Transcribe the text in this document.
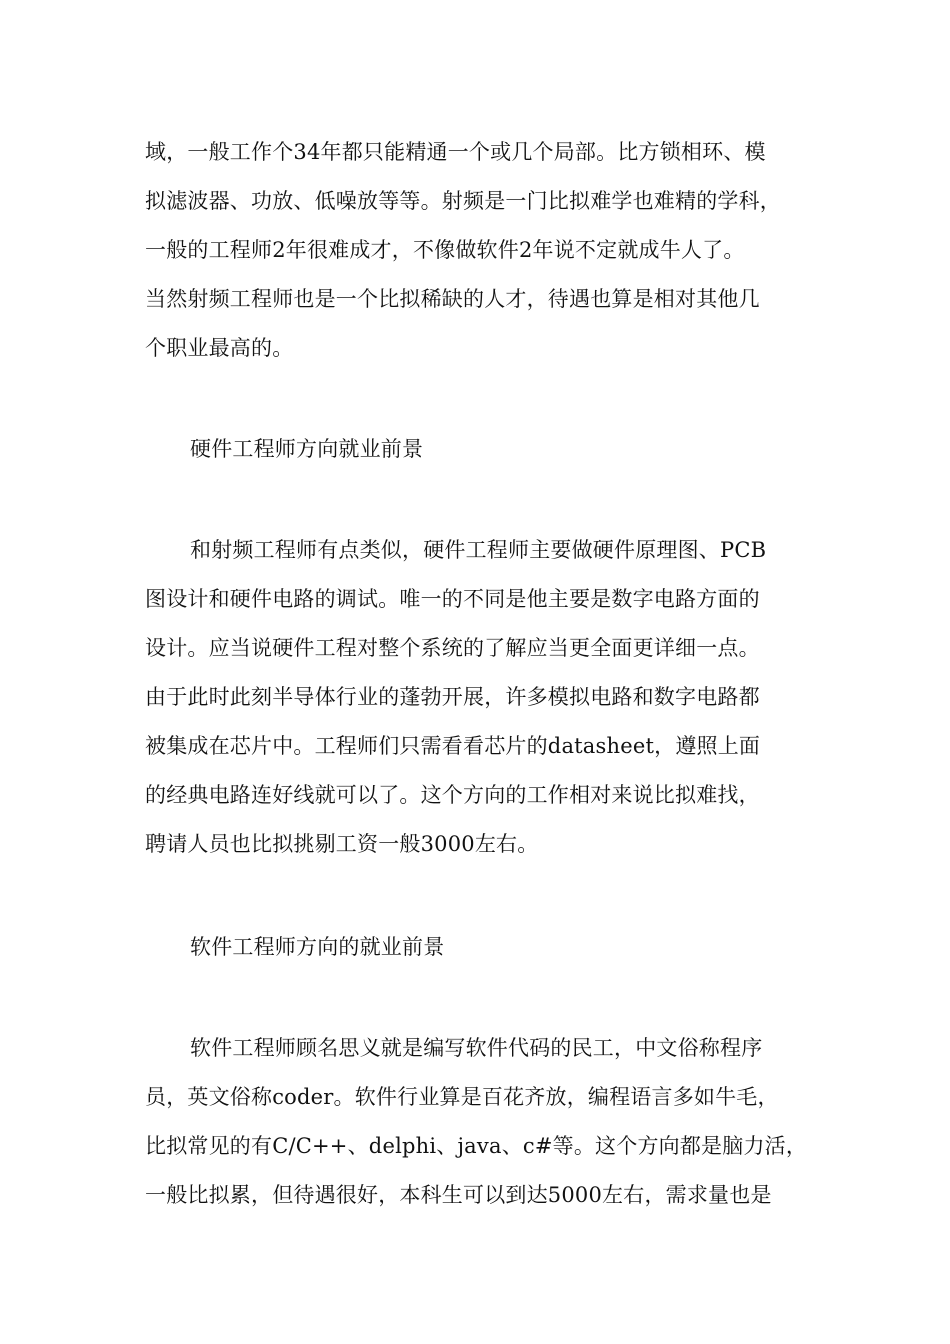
域，一般工作个34年都只能精通一个或几个局部。比方锁相环、模
拟滤波器、功放、低噪放等等。射频是一门比拟难学也难精的学科，
一般的工程师2年很难成才，不像做软件2年说不定就成牛人了。
当然射频工程师也是一个比拟稀缺的人才，待遇也算是相对其他几
个职业最高的。
硬件工程师方向就业前景
和射频工程师有点类似，硬件工程师主要做硬件原理图、PCB
图设计和硬件电路的调试。唯一的不同是他主要是数字电路方面的
设计。应当说硬件工程对整个系统的了解应当更全面更详细一点。
由于此时此刻半导体行业的蓬勃开展，许多模拟电路和数字电路都
被集成在芯片中。工程师们只需看看芯片的datasheet，遵照上面
的经典电路连好线就可以了。这个方向的工作相对来说比拟难找，
聘请人员也比拟挑剔工资一般3000左右。
软件工程师方向的就业前景
软件工程师顾名思义就是编写软件代码的民工，中文俗称程序
员，英文俗称coder。软件行业算是百花齐放，编程语言多如牛毛，
比拟常见的有C/C++、delphi、java、c#等。这个方向都是脑力活，
一般比拟累，但待遇很好，本科生可以到达5000左右，需求量也是
